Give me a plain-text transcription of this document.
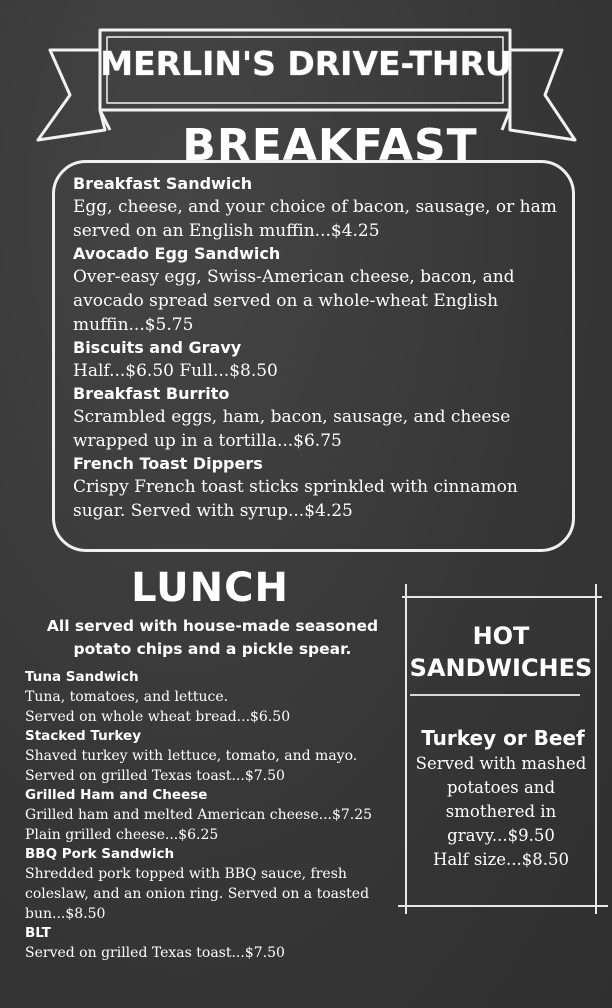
MERLIN'S DRIVE-THRU
BREAKFAST

Breakfast Sandwich

Egg, cheese, and your choice of bacon, sausage, or ham served on an English muffin...$4.25

Avocado Egg Sandwich

Over-easy egg, Swiss-American cheese, bacon, and avocado spread served on a whole-wheat English muffin...$5.75

Biscuits and Gravy

Half...$6.50 Full...$8.50

Breakfast Burrito

Scrambled eggs, ham, bacon, sausage, and cheese wrapped up in a tortilla...$6.75

French Toast Dippers

Crispy French toast sticks sprinkled with cinnamon sugar. Served with syrup...$4.25

LUNCH
All served with house-made seasoned potato chips and a pickle spear.

Tuna Sandwich

Tuna, tomatoes, and lettuce.

Served on whole wheat bread...$6.50

Stacked Turkey

Shaved turkey with lettuce, tomato, and mayo.

Served on grilled Texas toast...$7.50

Grilled Ham and Cheese

Grilled ham and melted American cheese...$7.25

Plain grilled cheese...$6.25

BBQ Pork Sandwich

Shredded pork topped with BBQ sauce, fresh coleslaw, and an onion ring. Served on a toasted bun...$8.50

BLT

Served on grilled Texas toast...$7.50

HOT
SANDWICHES
Turkey or Beef
Served with mashed potatoes and smothered in gravy...$9.50
Half size...$8.50
